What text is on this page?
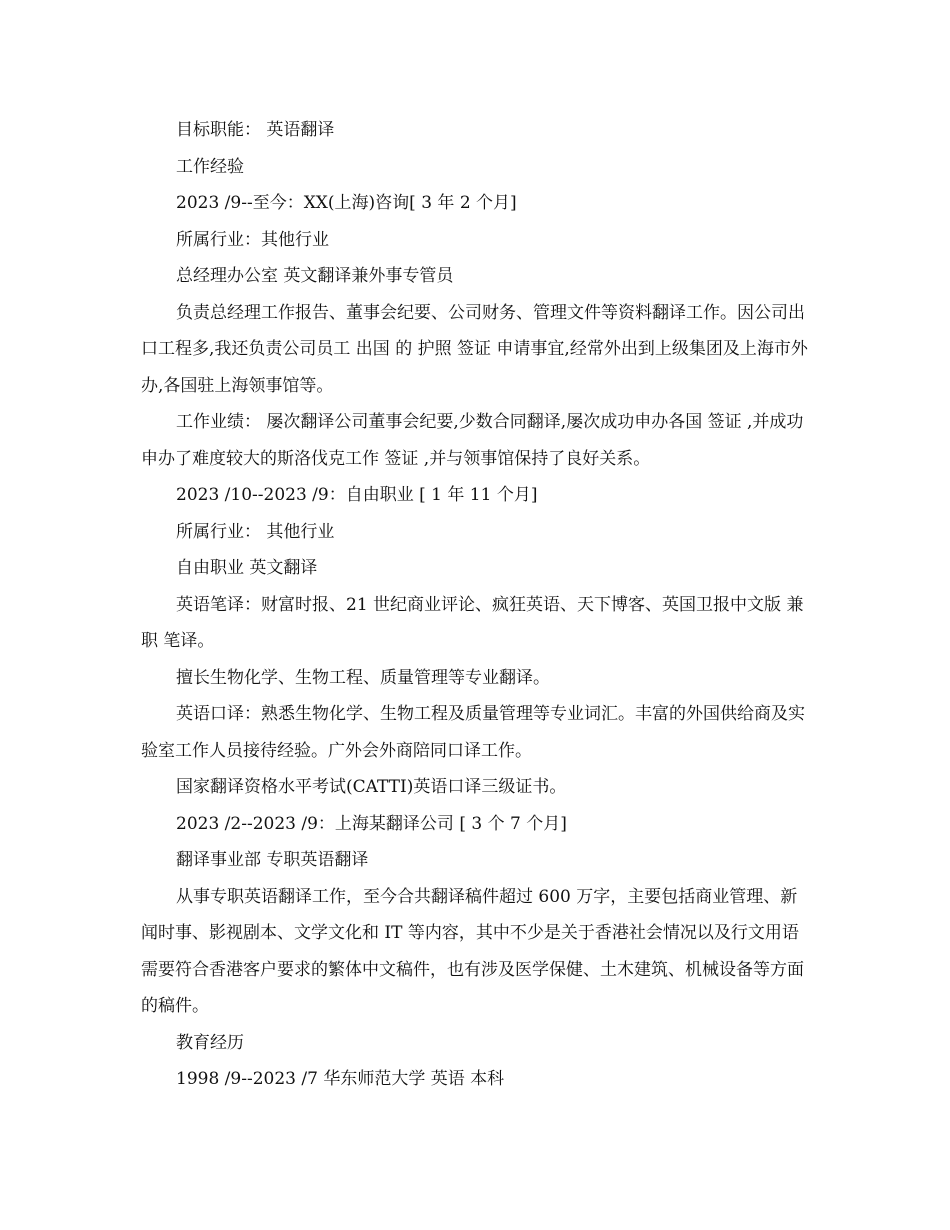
目标职能： 英语翻译

工作经验

2023 /9--至今：XX(上海)咨询[ 3 年 2 个月]

所属行业：其他行业

总经理办公室 英文翻译兼外事专管员

负责总经理工作报告、董事会纪要、公司财务、管理文件等资料翻译工作。因公司出口工程多,我还负责公司员工 出国 的 护照 签证 申请事宜,经常外出到上级集团及上海市外办,各国驻上海领事馆等。

工作业绩： 屡次翻译公司董事会纪要,少数合同翻译,屡次成功申办各国 签证 ,并成功申办了难度较大的斯洛伐克工作 签证 ,并与领事馆保持了良好关系。

2023 /10--2023 /9：自由职业 [ 1 年 11 个月]

所属行业： 其他行业

自由职业 英文翻译

英语笔译：财富时报、21 世纪商业评论、疯狂英语、天下博客、英国卫报中文版 兼职 笔译。

擅长生物化学、生物工程、质量管理等专业翻译。

英语口译：熟悉生物化学、生物工程及质量管理等专业词汇。丰富的外国供给商及实验室工作人员接待经验。广外会外商陪同口译工作。

国家翻译资格水平考试(CATTI)英语口译三级证书。

2023 /2--2023 /9：上海某翻译公司 [ 3 个 7 个月]

翻译事业部 专职英语翻译

从事专职英语翻译工作，至今合共翻译稿件超过 600 万字，主要包括商业管理、新闻时事、影视剧本、文学文化和 IT 等内容，其中不少是关于香港社会情况以及行文用语需要符合香港客户要求的繁体中文稿件，也有涉及医学保健、土木建筑、机械设备等方面的稿件。

教育经历

1998 /9--2023 /7 华东师范大学 英语 本科
